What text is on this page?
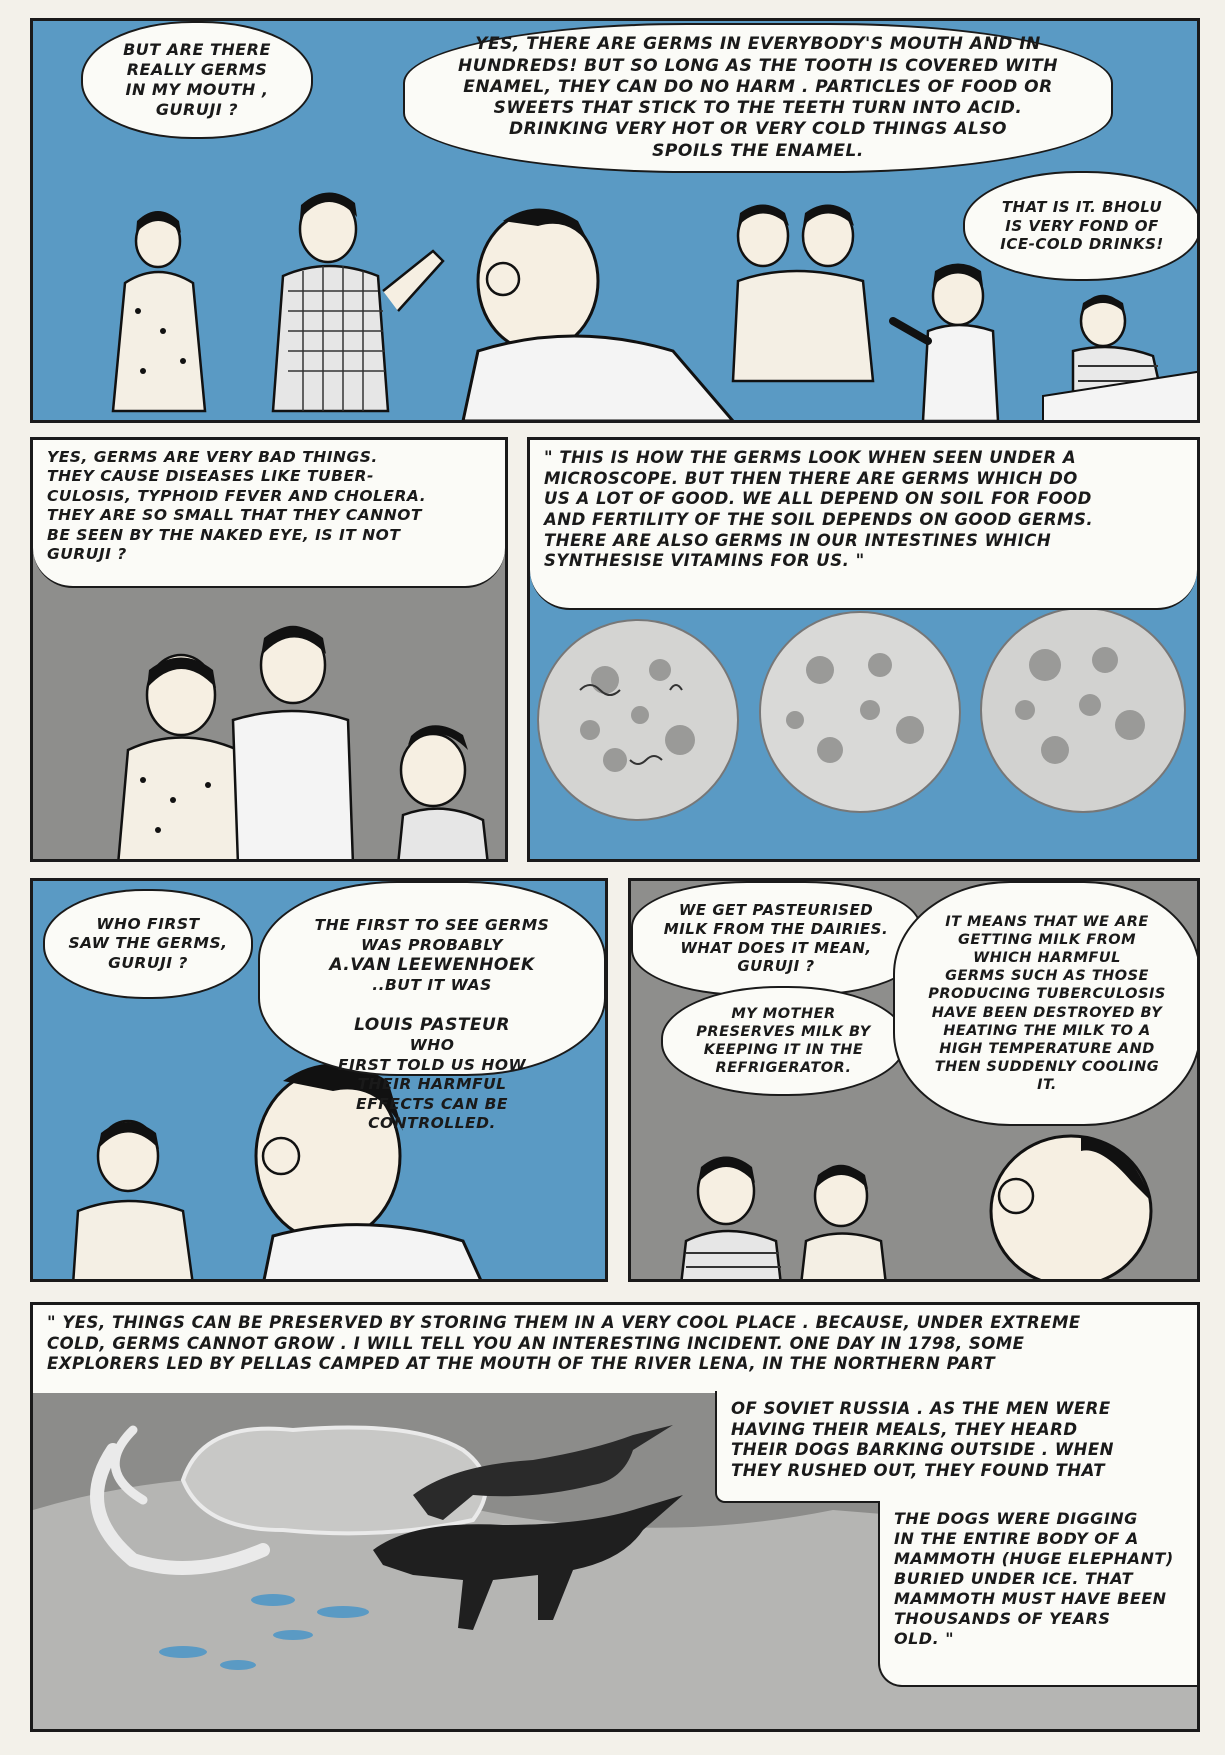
BUT ARE THERE
REALLY GERMS
IN MY MOUTH ,
GURUJI ?
YES, THERE ARE GERMS IN EVERYBODY'S MOUTH AND IN
HUNDREDS! BUT SO LONG AS THE TOOTH IS COVERED WITH
ENAMEL, THEY CAN DO NO HARM . PARTICLES OF FOOD OR
SWEETS THAT STICK TO THE TEETH TURN INTO ACID.
DRINKING VERY HOT OR VERY COLD THINGS ALSO
SPOILS THE ENAMEL.
THAT IS IT. BHOLU
IS VERY FOND OF
ICE-COLD DRINKS!
YES, GERMS ARE VERY BAD THINGS.
THEY CAUSE DISEASES LIKE TUBER-
CULOSIS, TYPHOID FEVER AND CHOLERA.
THEY ARE SO SMALL THAT THEY CANNOT
BE SEEN BY THE NAKED EYE, IS IT NOT
GURUJI ?
" THIS IS HOW THE GERMS LOOK WHEN SEEN UNDER A
MICROSCOPE. BUT THEN THERE ARE GERMS WHICH DO
US A LOT OF GOOD. WE ALL DEPEND ON SOIL FOR FOOD
AND FERTILITY OF THE SOIL DEPENDS ON GOOD GERMS.
THERE ARE ALSO GERMS IN OUR INTESTINES WHICH
SYNTHESISE VITAMINS FOR US. "
WHO FIRST
SAW THE GERMS,
GURUJI ?

THE FIRST TO SEE GERMS
WAS PROBABLY
A.VAN LEEWENHOEK
..BUT IT WAS

LOUIS PASTEUR
WHO
FIRST TOLD US HOW
THEIR HARMFUL
EFFECTS CAN BE
CONTROLLED.

WE GET PASTEURISED
MILK FROM THE DAIRIES.
WHAT DOES IT MEAN,
GURUJI ?
MY MOTHER
PRESERVES MILK BY
KEEPING IT IN THE
REFRIGERATOR.
IT MEANS THAT WE ARE
GETTING MILK FROM
WHICH HARMFUL
GERMS SUCH AS THOSE
PRODUCING TUBERCULOSIS
HAVE BEEN DESTROYED BY
HEATING THE MILK TO A
HIGH TEMPERATURE AND
THEN SUDDENLY COOLING
IT.
" YES, THINGS CAN BE PRESERVED BY STORING THEM IN A VERY COOL PLACE . BECAUSE, UNDER EXTREME
COLD, GERMS CANNOT GROW . I WILL TELL YOU AN INTERESTING INCIDENT. ONE DAY IN 1798, SOME
EXPLORERS LED BY PELLAS CAMPED AT THE MOUTH OF THE RIVER LENA, IN THE NORTHERN PART
OF SOVIET RUSSIA . AS THE MEN WERE
HAVING THEIR MEALS, THEY HEARD
THEIR DOGS BARKING OUTSIDE . WHEN
THEY RUSHED OUT, THEY FOUND THAT
THE DOGS WERE DIGGING
IN THE ENTIRE BODY OF A
MAMMOTH (HUGE ELEPHANT)
BURIED UNDER ICE. THAT
MAMMOTH MUST HAVE BEEN
THOUSANDS OF YEARS
OLD. "
